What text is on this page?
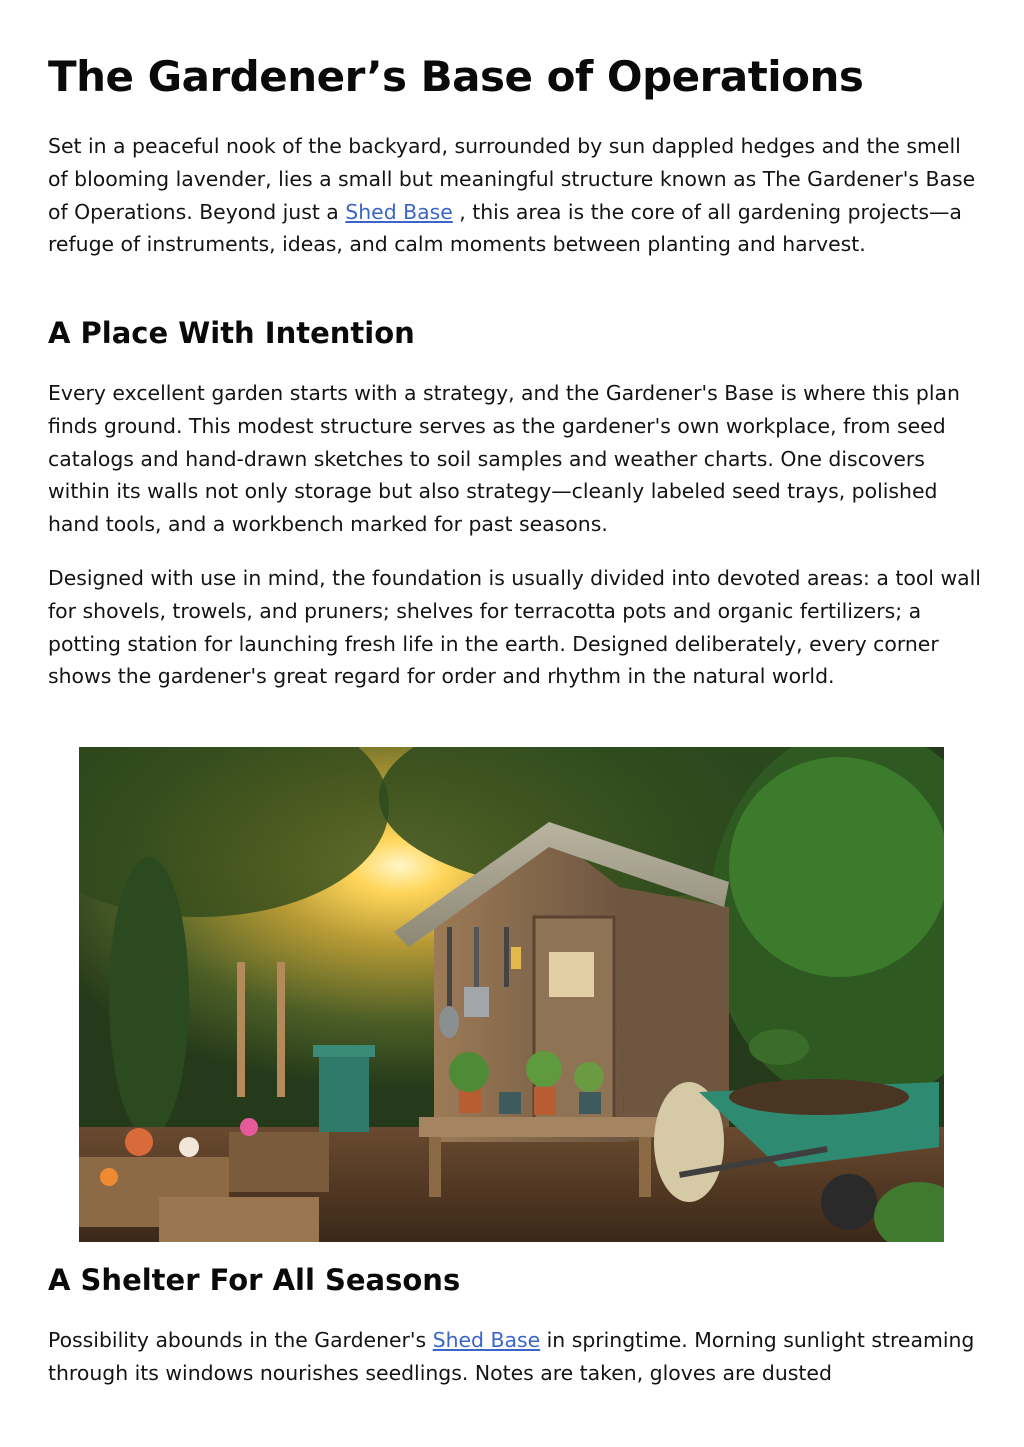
The Gardener’s Base of Operations

Set in a peaceful nook of the backyard, surrounded by sun dappled hedges and the smell of blooming lavender, lies a small but meaningful structure known as The Gardener's Base of Operations. Beyond just a Shed Base , this area is the core of all gardening projects—a refuge of instruments, ideas, and calm moments between planting and harvest.

A Place With Intention

Every excellent garden starts with a strategy, and the Gardener's Base is where this plan finds ground. This modest structure serves as the gardener's own workplace, from seed catalogs and hand-drawn sketches to soil samples and weather charts. One discovers within its walls not only storage but also strategy—cleanly labeled seed trays, polished hand tools, and a workbench marked for past seasons.

Designed with use in mind, the foundation is usually divided into devoted areas: a tool wall for shovels, trowels, and pruners; shelves for terracotta pots and organic fertilizers; a potting station for launching fresh life in the earth. Designed deliberately, every corner shows the gardener's great regard for order and rhythm in the natural world.

A Shelter For All Seasons

Possibility abounds in the Gardener's Shed Base in springtime. Morning sunlight streaming through its windows nourishes seedlings. Notes are taken, gloves are dusted
